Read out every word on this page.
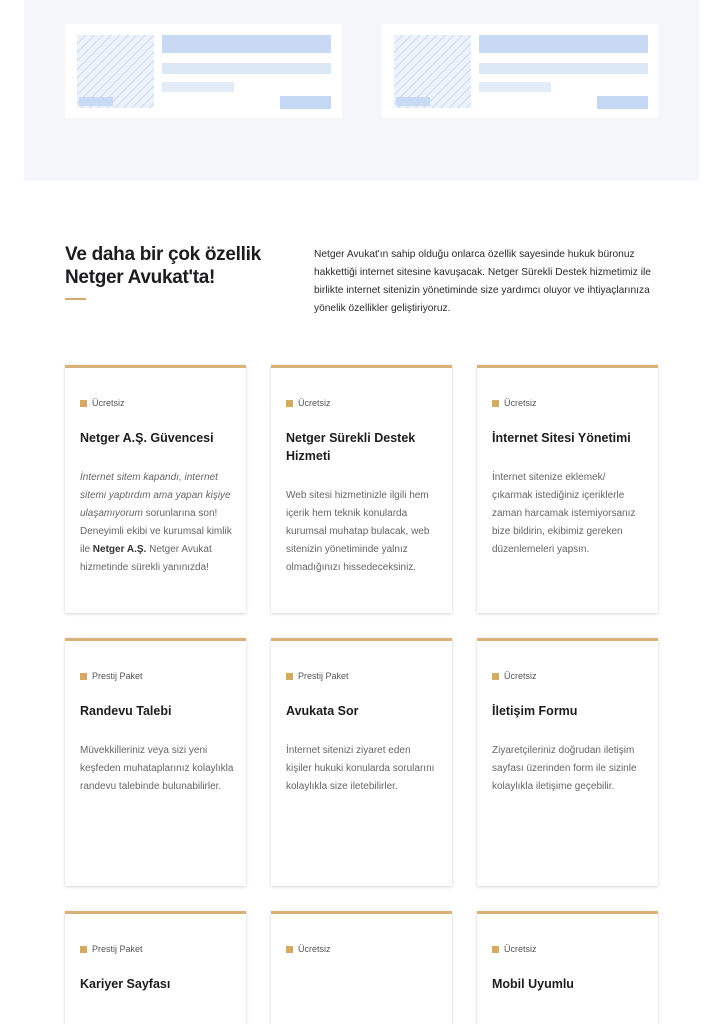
Ve daha bir çok özellik Netger Avukat'ta!

Netger Avukat'ın sahip olduğu onlarca özellik sayesinde hukuk büronuz hakkettiği internet sitesine kavuşacak. Netger Sürekli Destek hizmetimiz ile birlikte internet sitenizin yönetiminde size yardımcı oluyor ve ihtiyaçlarınıza yönelik özellikler geliştiriyoruz.

Ücretsiz
Netger A.Ş. Güvencesi

İnternet sitem kapandı, internet sitemi yaptırdım ama yapan kişiye ulaşamıyorum sorunlarına son! Deneyimli ekibi ve kurumsal kimlik ile Netger A.Ş. Netger Avukat hizmetinde sürekli yanınızda!

Ücretsiz
Netger Sürekli Destek Hizmeti

Web sitesi hizmetinizle ilgili hem içerik hem teknik konularda kurumsal muhatap bulacak, web sitenizin yönetiminde yalnız olmadığınızı hissedeceksiniz.

Ücretsiz
İnternet Sitesi Yönetimi

İnternet sitenize eklemek/çıkarmak istediğiniz içeriklerle zaman harcamak istemiyorsanız bize bildirin, ekibimiz gereken düzenlemeleri yapsın.

Prestij Paket
Randevu Talebi

Müvekkilleriniz veya sizi yeni keşfeden muhataplarınız kolaylıkla randevu talebinde bulunabilirler.

Prestij Paket
Avukata Sor

İnternet sitenizi ziyaret eden kişiler hukuki konularda sorularını kolaylıkla size iletebilirler.

Ücretsiz
İletişim Formu

Ziyaretçileriniz doğrudan iletişim sayfası üzerinden form ile sizinle kolaylıkla iletişime geçebilir.

Prestij Paket
Kariyer Sayfası
Ücretsiz	Ücretsiz
Mobil Uyumlu
